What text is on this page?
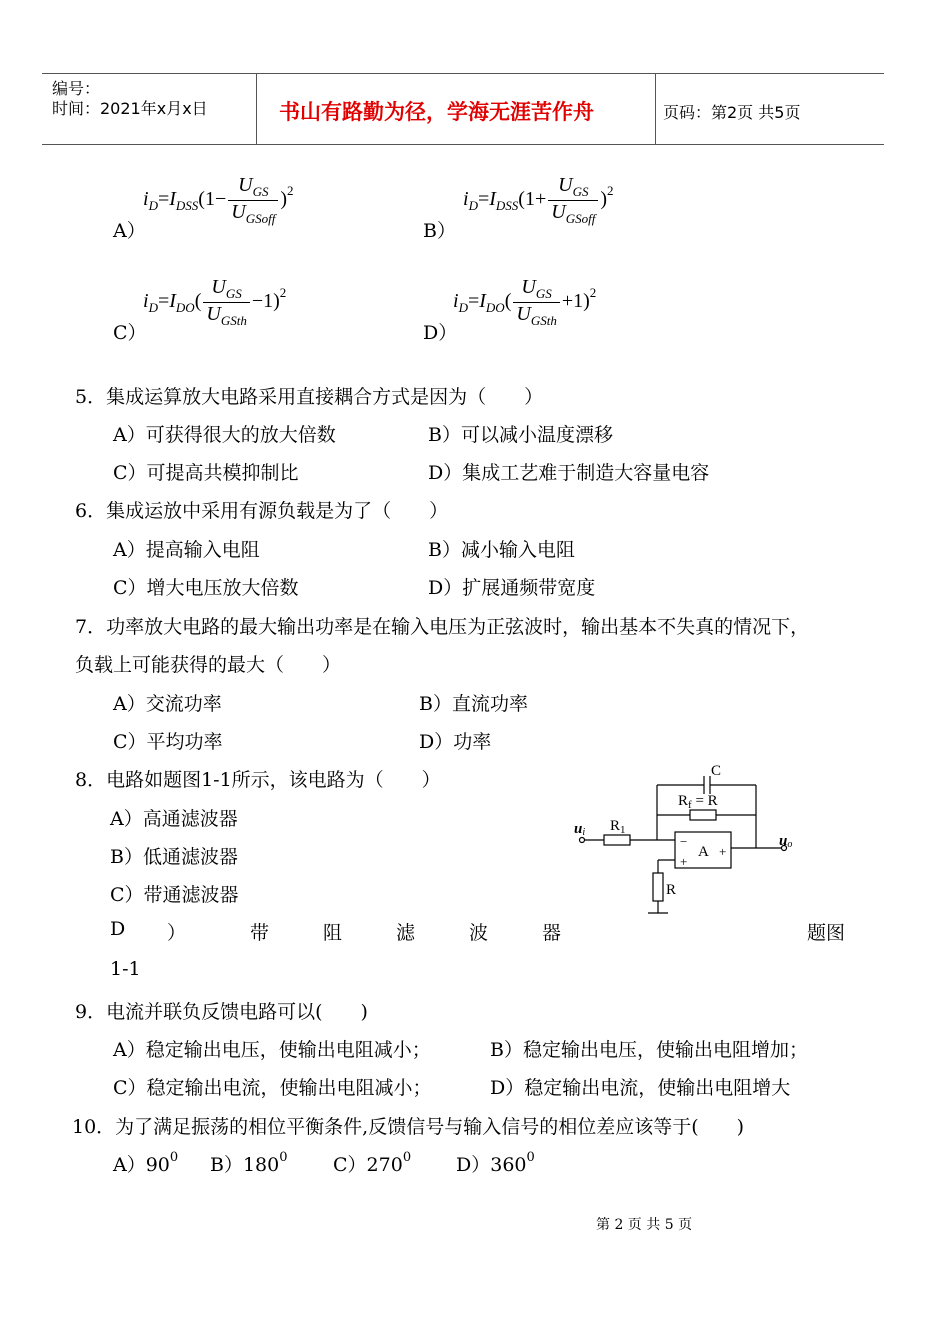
编号：
时间：2021年x月x日	书山有路勤为径，学海无涯苦作舟	页码：第2页 共5页
A）
$i_D=I_{DSS}(1- \frac{U_{GS}}{U_{GSoff}} )^2$
B）
$i_D=I_{DSS}(1+ \frac{U_{GS}}{U_{GSoff}} )^2$
C）
$i_D=I_{DO}( \frac{U_{GS}}{U_{GSth}} -1)^2$
D）
$i_D=I_{DO}( \frac{U_{GS}}{U_{GSth}} +1)^2$
5．集成运算放大电路采用直接耦合方式是因为（　　）
A）可获得很大的放大倍数	B）可以减小温度漂移
C）可提高共模抑制比	D）集成工艺难于制造大容量电容
6．集成运放中采用有源负载是为了（　　）
A）提高输入电阻	B）减小输入电阻
C）增大电压放大倍数	D）扩展通频带宽度
7．功率放大电路的最大输出功率是在输入电压为正弦波时，输出基本不失真的情况下，
负载上可能获得的最大（　　）
A）交流功率	B）直流功率
C）平均功率	D）功率
8．电路如题图1-1所示，该电路为（　　）
A）高通滤波器
B）低通滤波器
C）带通滤波器
D ）	带	阻	滤	波	器	题图
1-1
C
$R_f = R$
$R_1$
R
A
−
+
+
ui
uo
9．电流并联负反馈电路可以(　　)
A）稳定输出电压，使输出电阻减小；	B）稳定输出电压，使输出电阻增加；
C）稳定输出电流，使输出电阻减小；	D）稳定输出电流，使输出电阻增大
10．为了满足振荡的相位平衡条件,反馈信号与输入信号的相位差应该等于(　　)
$A)90^0$ $B)180^0$ $C)270^0$ $D)360^0$
第 2 页 共 5 页
